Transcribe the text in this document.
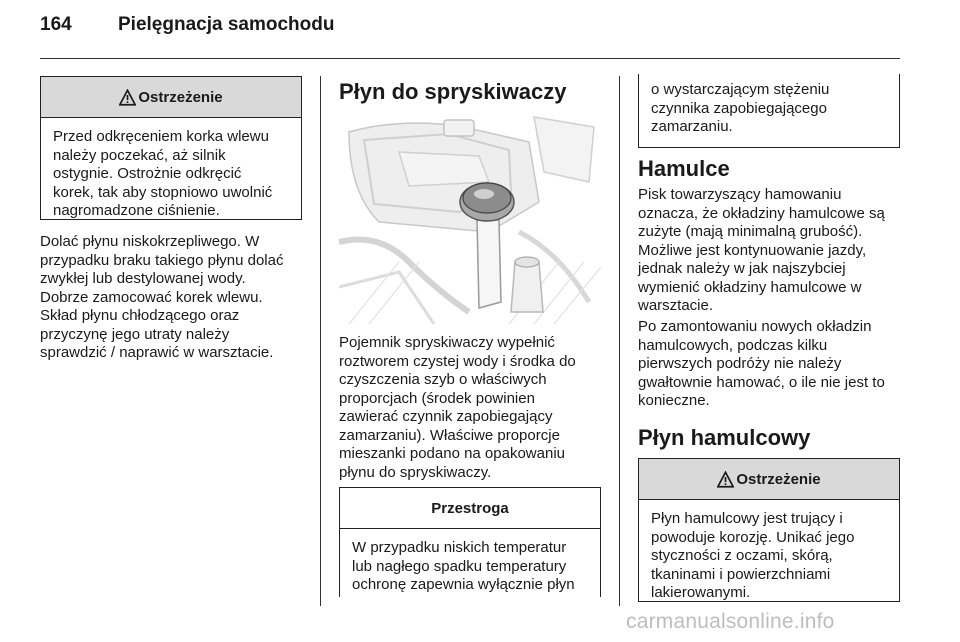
164 Pielęgnacja samochodu
Ostrzeżenie
Przed odkręceniem korka wlewu
należy poczekać, aż silnik
ostygnie. Ostrożnie odkręcić
korek, tak aby stopniowo uwolnić
nagromadzone ciśnienie.
Dolać płynu niskokrzepliwego. W
przypadku braku takiego płynu dolać
zwykłej lub destylowanej wody.
Dobrze zamocować korek wlewu.
Skład płynu chłodzącego oraz
przyczynę jego utraty należy
sprawdzić / naprawić w warsztacie.
Płyn do spryskiwaczy
Pojemnik spryskiwaczy wypełnić
roztworem czystej wody i środka do
czyszczenia szyb o właściwych
proporcjach (środek powinien
zawierać czynnik zapobiegający
zamarzaniu). Właściwe proporcje
mieszanki podano na opakowaniu
płynu do spryskiwaczy.
Przestroga
W przypadku niskich temperatur
lub nagłego spadku temperatury
ochronę zapewnia wyłącznie płyn
o wystarczającym stężeniu
czynnika zapobiegającego
zamarzaniu.
Hamulce
Pisk towarzyszący hamowaniu
oznacza, że okładziny hamulcowe są
zużyte (mają minimalną grubość).
Możliwe jest kontynuowanie jazdy,
jednak należy w jak najszybciej
wymienić okładziny hamulcowe w
warsztacie.
Po zamontowaniu nowych okładzin
hamulcowych, podczas kilku
pierwszych podróży nie należy
gwałtownie hamować, o ile nie jest to
konieczne.
Płyn hamulcowy
Ostrzeżenie
Płyn hamulcowy jest trujący i
powoduje korozję. Unikać jego
styczności z oczami, skórą,
tkaninami i powierzchniami
lakierowanymi.
carmanualsonline.info
